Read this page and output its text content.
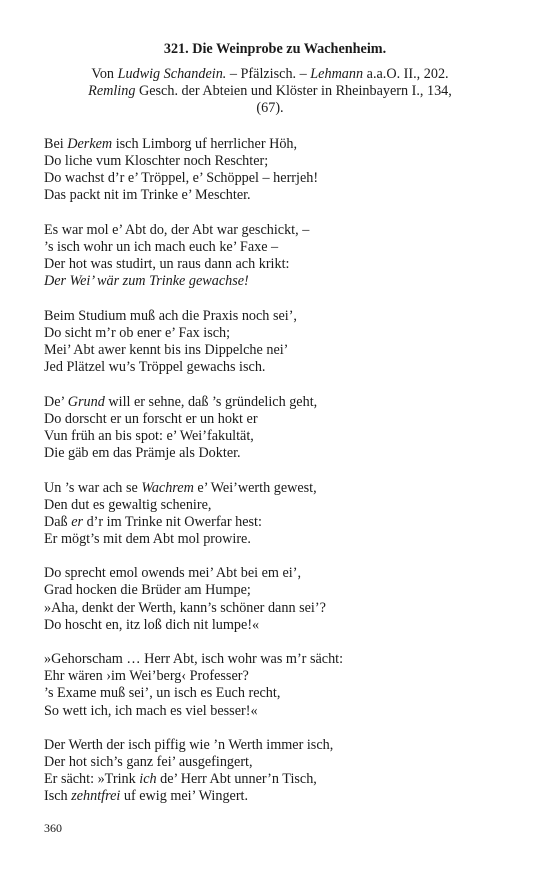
321. Die Weinprobe zu Wachenheim.
Von Ludwig Schandein. – Pfälzisch. – Lehmann a.a.O. II., 202.
Remling Gesch. der Abteien und Klöster in Rheinbayern I., 134,
(67).
Bei Derkem isch Limborg uf herrlicher Höh,
Do liche vum Kloschter noch Reschter;
Do wachst d’r e’ Tröppel, e’ Schöppel – herrjeh!
Das packt nit im Trinke e’ Meschter.
Es war mol e’ Abt do, der Abt war geschickt, –
’s isch wohr un ich mach euch ke’ Faxe –
Der hot was studirt, un raus dann ach krikt:
Der Wei’ wär zum Trinke gewachse!
Beim Studium muß ach die Praxis noch sei’,
Do sicht m’r ob ener e’ Fax isch;
Mei’ Abt awer kennt bis ins Dippelche nei’
Jed Plätzel wu’s Tröppel gewachs isch.
De’ Grund will er sehne, daß ’s gründelich geht,
Do dorscht er un forscht er un hokt er
Vun früh an bis spot: e’ Wei’fakultät,
Die gäb em das Prämje als Dokter.
Un ’s war ach se Wachrem e’ Wei’werth gewest,
Den dut es gewaltig schenire,
Daß er d’r im Trinke nit Owerfar hest:
Er mögt’s mit dem Abt mol prowire.
Do sprecht emol owends mei’ Abt bei em ei’,
Grad hocken die Brüder am Humpe;
»Aha, denkt der Werth, kann’s schöner dann sei’?
Do hoscht en, itz loß dich nit lumpe!«
»Gehorscham … Herr Abt, isch wohr was m’r sächt:
Ehr wären ›im Wei’berg‹ Professer?
’s Exame muß sei’, un isch es Euch recht,
So wett ich, ich mach es viel besser!«
Der Werth der isch piffig wie ’n Werth immer isch,
Der hot sich’s ganz fei’ ausgefingert,
Er sächt: »Trink ich de’ Herr Abt unner’n Tisch,
Isch zehntfrei uf ewig mei’ Wingert.
360
